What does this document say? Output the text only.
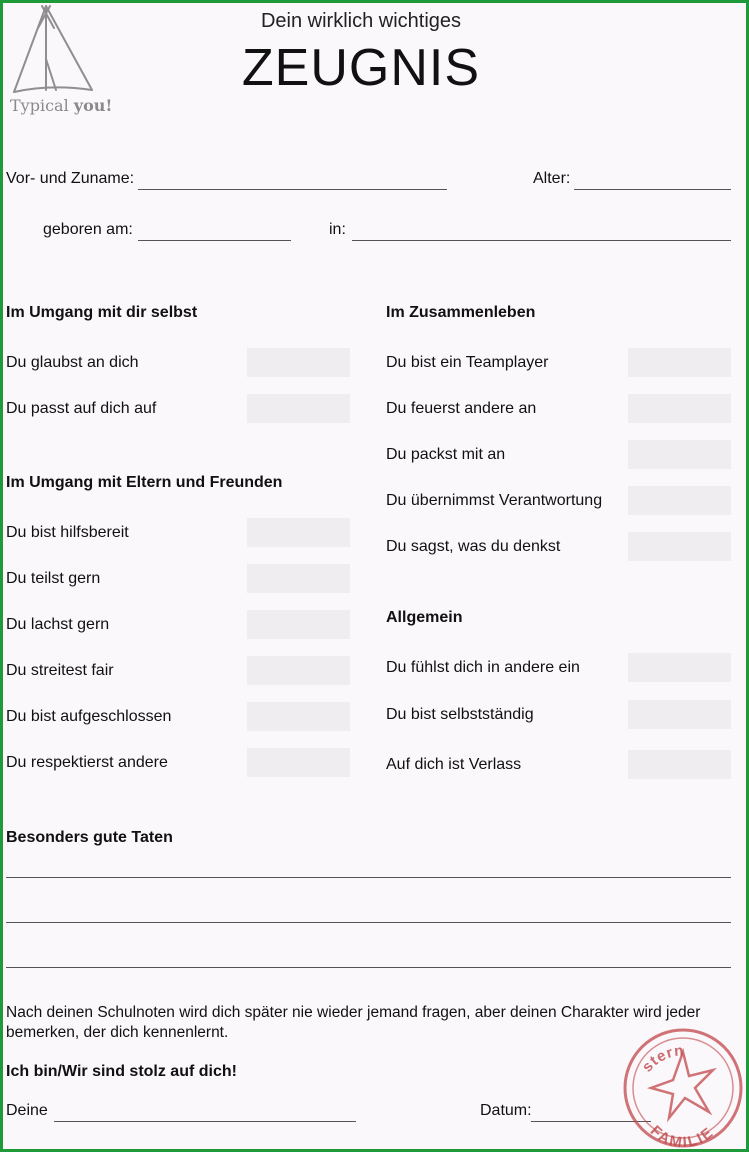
Typical you!
Dein wirklich wichtiges
ZEUGNIS
Vor- und Zuname:	Alter:
geboren am:	in:
Im Umgang mit dir selbst
Du glaubst an dich
Du passt auf dich auf
Im Umgang mit Eltern und Freunden
Du bist hilfsbereit
Du teilst gern
Du lachst gern
Du streitest fair
Du bist aufgeschlossen
Du respektierst andere
Im Zusammenleben
Du bist ein Teamplayer
Du feuerst andere an
Du packst mit an
Du übernimmst Verantwortung
Du sagst, was du denkst
Allgemein
Du fühlst dich in andere ein
Du bist selbstständig
Auf dich ist Verlass
Besonders gute Taten
Nach deinen Schulnoten wird dich später nie wieder jemand fragen, aber deinen Charakter wird jeder bemerken, der dich kennenlernt.
Ich bin/Wir sind stolz auf dich!
Deine	Datum:
stern
FAMILIE
